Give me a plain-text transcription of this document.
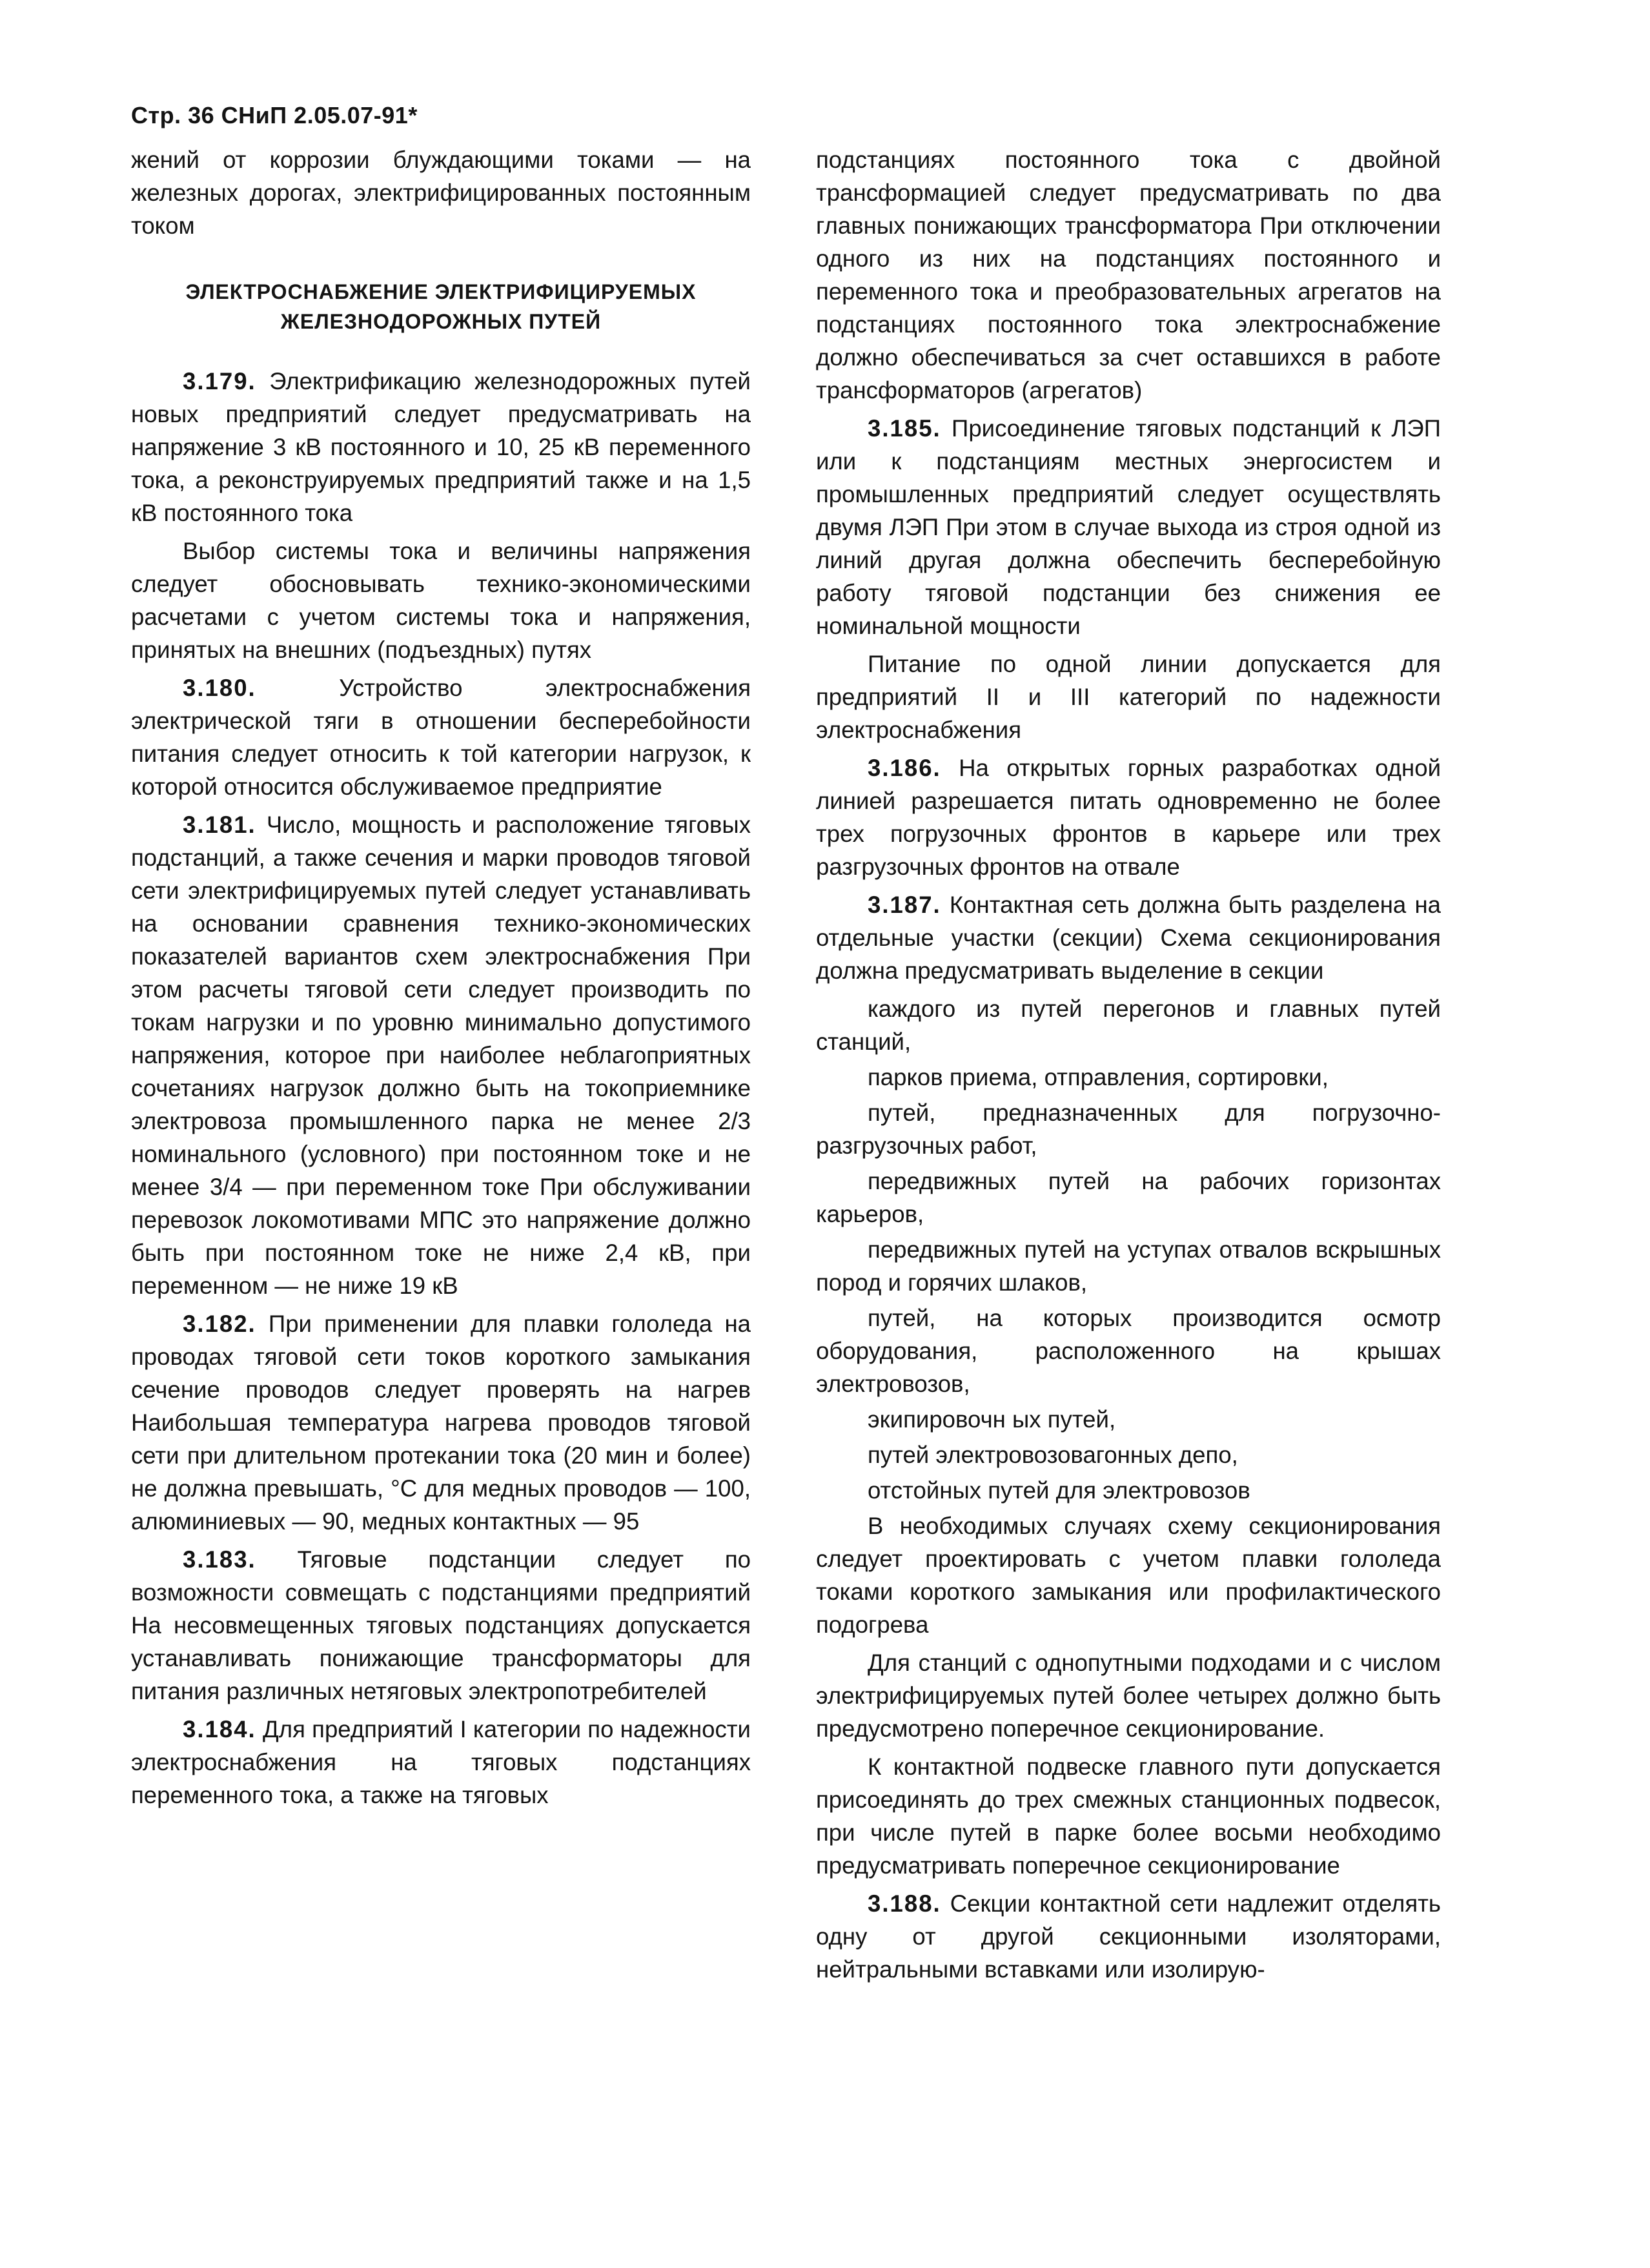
Стр. 36 СНиП 2.05.07-91*

жений от коррозии блуждающими токами — на железных дорогах, электрифицированных постоянным током

ЭЛЕКТРОСНАБЖЕНИЕ ЭЛЕКТРИФИЦИРУЕМЫХ ЖЕЛЕЗНОДОРОЖНЫХ ПУТЕЙ

3.179. Электрификацию железнодорожных путей новых предприятий следует предусматривать на напряжение 3 кВ постоянного и 10, 25 кВ переменного тока, а реконструируемых предприятий также и на 1,5 кВ постоянного тока

Выбор системы тока и величины напряжения следует обосновывать технико-экономическими расчетами с учетом системы тока и напряжения, принятых на внешних (подъездных) путях

3.180. Устройство электроснабжения электрической тяги в отношении бесперебойности питания следует относить к той категории нагрузок, к которой относится обслуживаемое предприятие

3.181. Число, мощность и расположение тяговых подстанций, а также сечения и марки проводов тяговой сети электрифицируемых путей следует устанавливать на основании сравнения технико-экономических показателей вариантов схем электроснабжения При этом расчеты тяговой сети следует производить по токам нагрузки и по уровню минимально допустимого напряжения, которое при наиболее неблагоприятных сочетаниях нагрузок должно быть на токоприемнике электровоза промышленного парка не менее 2/3 номинального (условного) при постоянном токе и не менее 3/4 — при переменном токе При обслуживании перевозок локомотивами МПС это напряжение должно быть при постоянном токе не ниже 2,4 кВ, при переменном — не ниже 19 кВ

3.182. При применении для плавки гололеда на проводах тяговой сети токов короткого замыкания сечение проводов следует проверять на нагрев Наибольшая температура нагрева проводов тяговой сети при длительном протекании тока (20 мин и более) не должна превышать, °С для медных проводов — 100, алюминиевых — 90, медных контактных — 95

3.183. Тяговые подстанции следует по возможности совмещать с подстанциями предприятий На несовмещенных тяговых подстанциях допускается устанавливать понижающие трансформаторы для питания различных нетяговых электропотребителей

3.184. Для предприятий I категории по надежности электроснабжения на тяговых подстанциях переменного тока, а также на тяговых

подстанциях постоянного тока с двойной трансформацией следует предусматривать по два главных понижающих трансформатора При отключении одного из них на подстанциях постоянного и переменного тока и преобразовательных агрегатов на подстанциях постоянного тока электроснабжение должно обеспечиваться за счет оставшихся в работе трансформаторов (агрегатов)

3.185. Присоединение тяговых подстанций к ЛЭП или к подстанциям местных энергосистем и промышленных предприятий следует осуществлять двумя ЛЭП При этом в случае выхода из строя одной из линий другая должна обеспечить бесперебойную работу тяговой подстанции без снижения ее номинальной мощности

Питание по одной линии допускается для предприятий II и III категорий по надежности электроснабжения

3.186. На открытых горных разработках одной линией разрешается питать одновременно не более трех погрузочных фронтов в карьере или трех разгрузочных фронтов на отвале

3.187. Контактная сеть должна быть разделена на отдельные участки (секции) Схема секционирования должна предусматривать выделение в секции

каждого из путей перегонов и главных путей станций,

парков приема, отправления, сортировки,

путей, предназначенных для погрузочно-разгрузочных работ,

передвижных путей на рабочих горизонтах карьеров,

передвижных путей на уступах отвалов вскрышных пород и горячих шлаков,

путей, на которых производится осмотр оборудования, расположенного на крышах электровозов,

экипировочн ых путей,

путей электровозовагонных депо,

отстойных путей для электровозов

В необходимых случаях схему секционирования следует проектировать с учетом плавки гололеда токами короткого замыкания или профилактического подогрева

Для станций с однопутными подходами и с числом электрифицируемых путей более четырех должно быть предусмотрено поперечное секционирование.

К контактной подвеске главного пути допускается присоединять до трех смежных станционных подвесок, при числе путей в парке более восьми необходимо предусматривать поперечное секционирование

3.188. Секции контактной сети надлежит отделять одну от другой секционными изоляторами, нейтральными вставками или изолирую-
